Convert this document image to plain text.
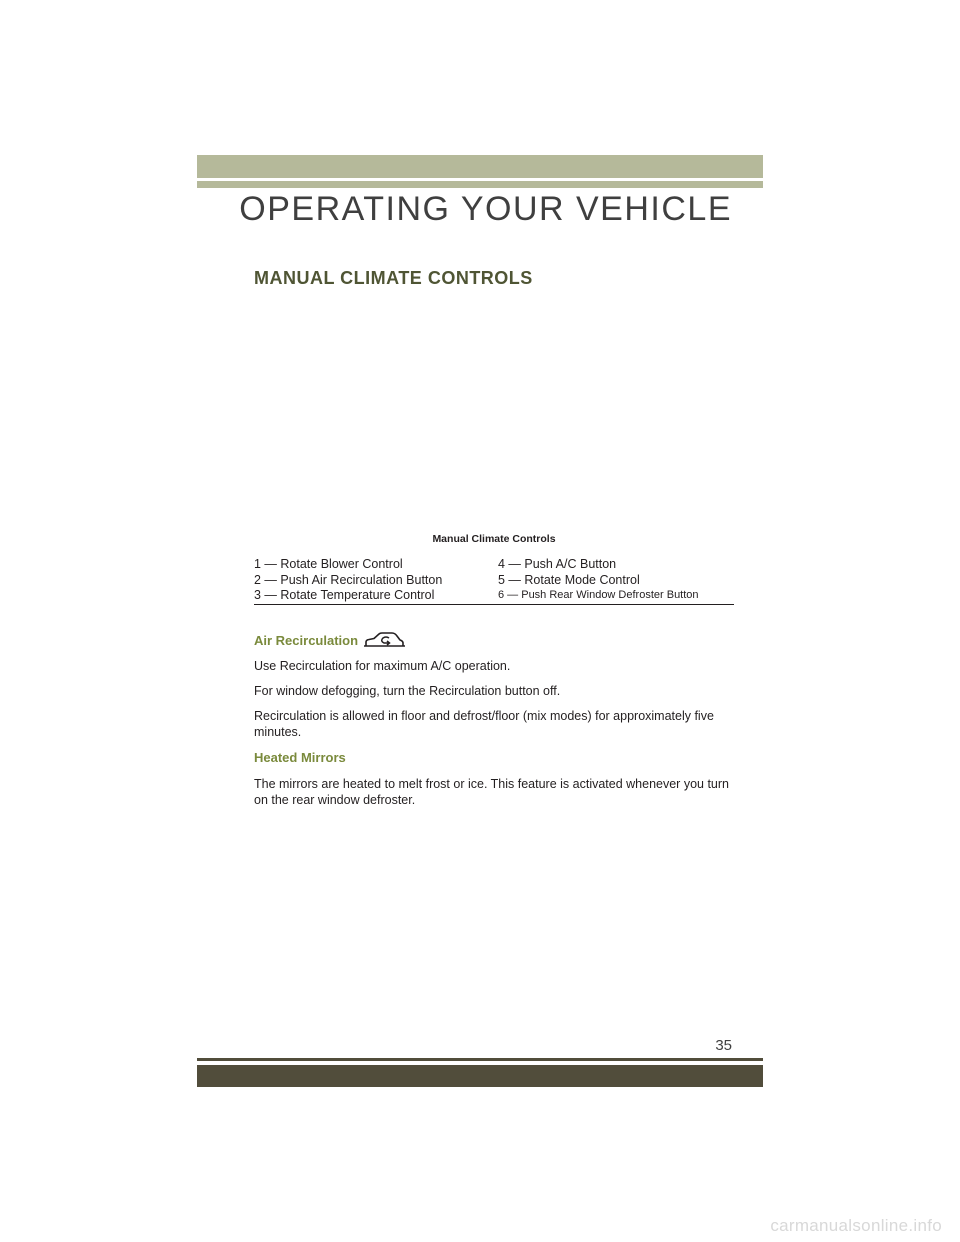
OPERATING YOUR VEHICLE
MANUAL CLIMATE CONTROLS
Manual Climate Controls
1 — Rotate Blower Control	4 — Push A/C Button
2 — Push Air Recirculation Button	5 — Rotate Mode Control
3 — Rotate Temperature Control	6 — Push Rear Window Defroster Button
Air Recirculation

Use Recirculation for maximum A/C operation.

For window defogging, turn the Recirculation button off.

Recirculation is allowed in floor and defrost/floor (mix modes) for approximately five minutes.

Heated Mirrors

The mirrors are heated to melt frost or ice. This feature is activated whenever you turn on the rear window defroster.

35
carmanualsonline.info
